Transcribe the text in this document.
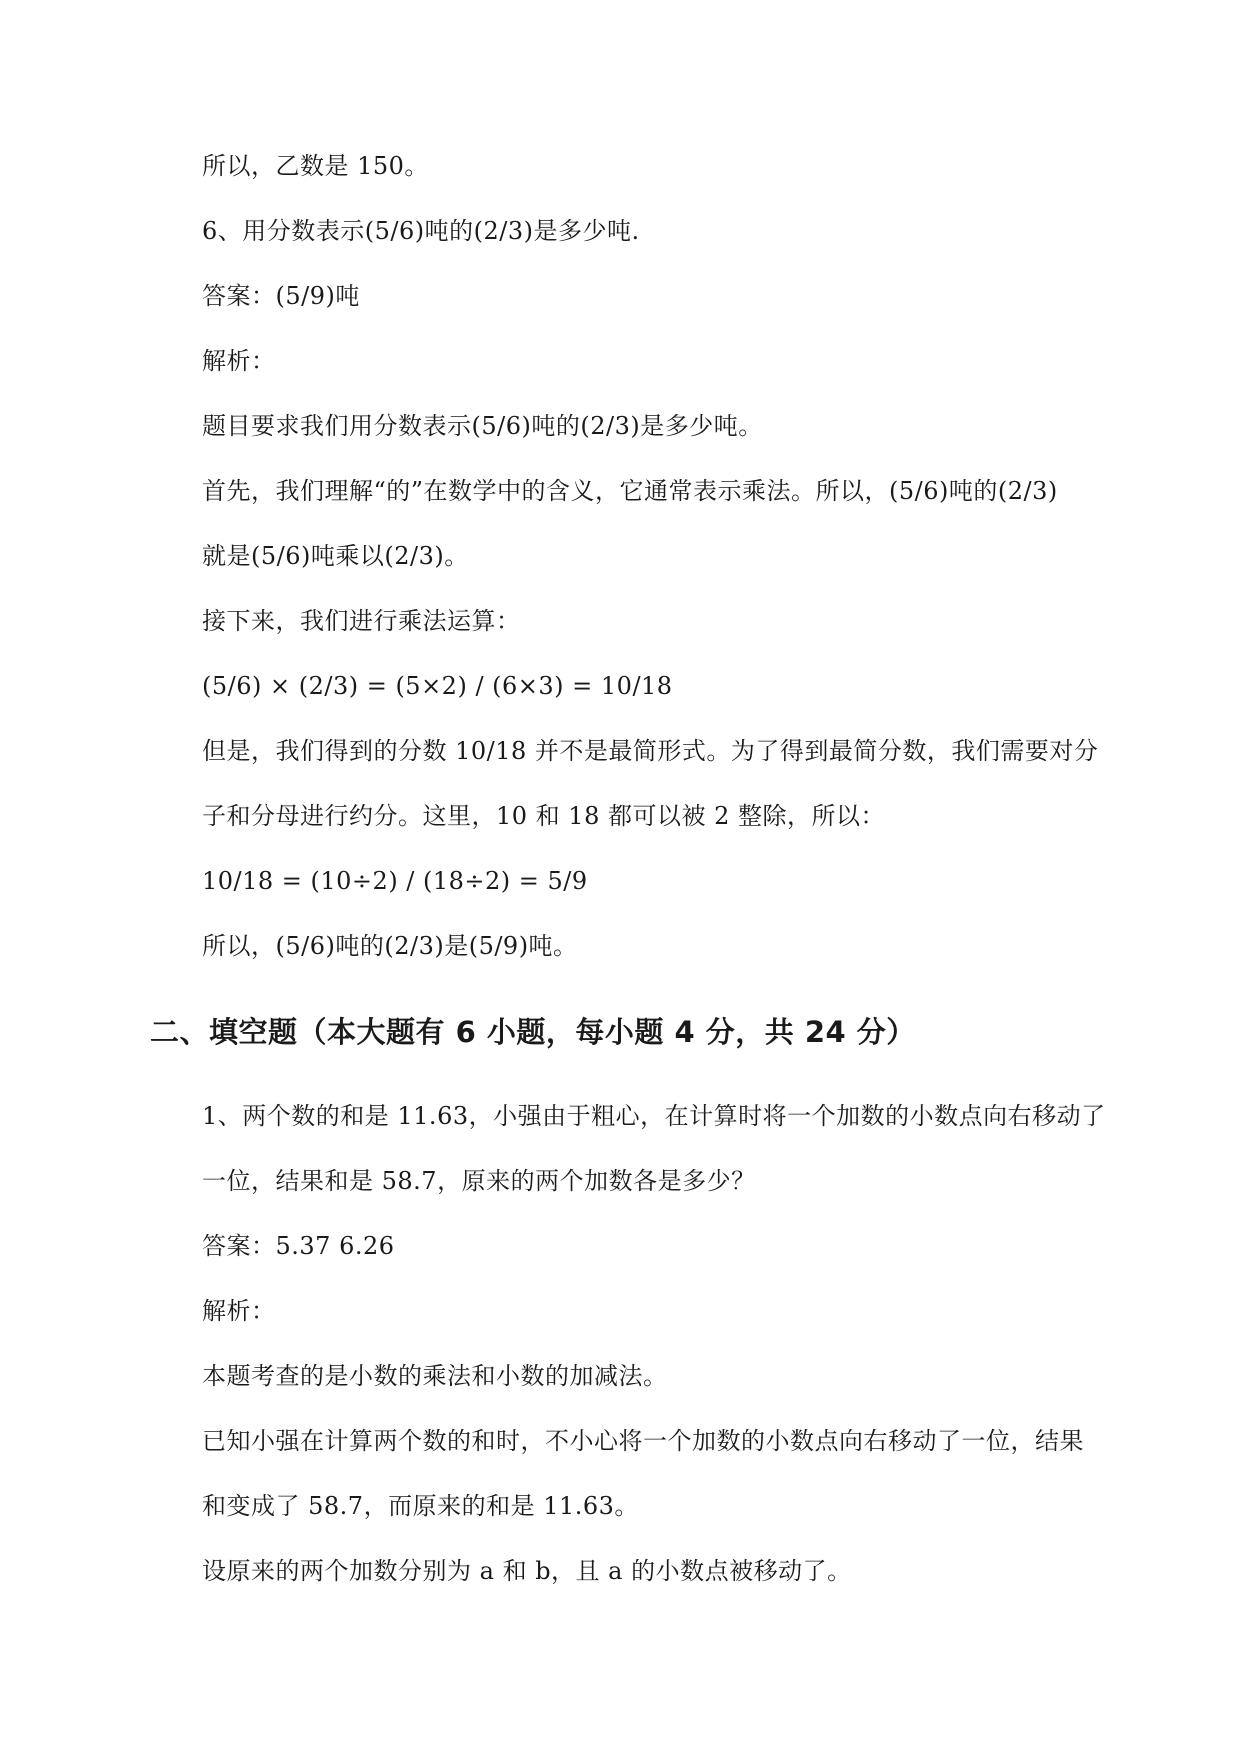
所以，乙数是 150。
6、用分数表示(5/6)吨的(2/3)是多少吨.
答案：(5/9)吨
解析：
题目要求我们用分数表示(5/6)吨的(2/3)是多少吨。
首先，我们理解“的”在数学中的含义，它通常表示乘法。所以，(5/6)吨的(2/3)
就是(5/6)吨乘以(2/3)。
接下来，我们进行乘法运算：
(5/6) × (2/3) = (5×2) / (6×3) = 10/18
但是，我们得到的分数 10/18 并不是最简形式。为了得到最简分数，我们需要对分
子和分母进行约分。这里，10 和 18 都可以被 2 整除，所以：
10/18 = (10÷2) / (18÷2) = 5/9
所以，(5/6)吨的(2/3)是(5/9)吨。
二、填空题（本大题有 6 小题，每小题 4 分，共 24 分）
1、两个数的和是 11.63，小强由于粗心，在计算时将一个加数的小数点向右移动了
一位，结果和是 58.7，原来的两个加数各是多少？
答案：5.37 6.26
解析：
本题考查的是小数的乘法和小数的加减法。
已知小强在计算两个数的和时，不小心将一个加数的小数点向右移动了一位，结果
和变成了 58.7，而原来的和是 11.63。
设原来的两个加数分别为 a 和 b，且 a 的小数点被移动了。
